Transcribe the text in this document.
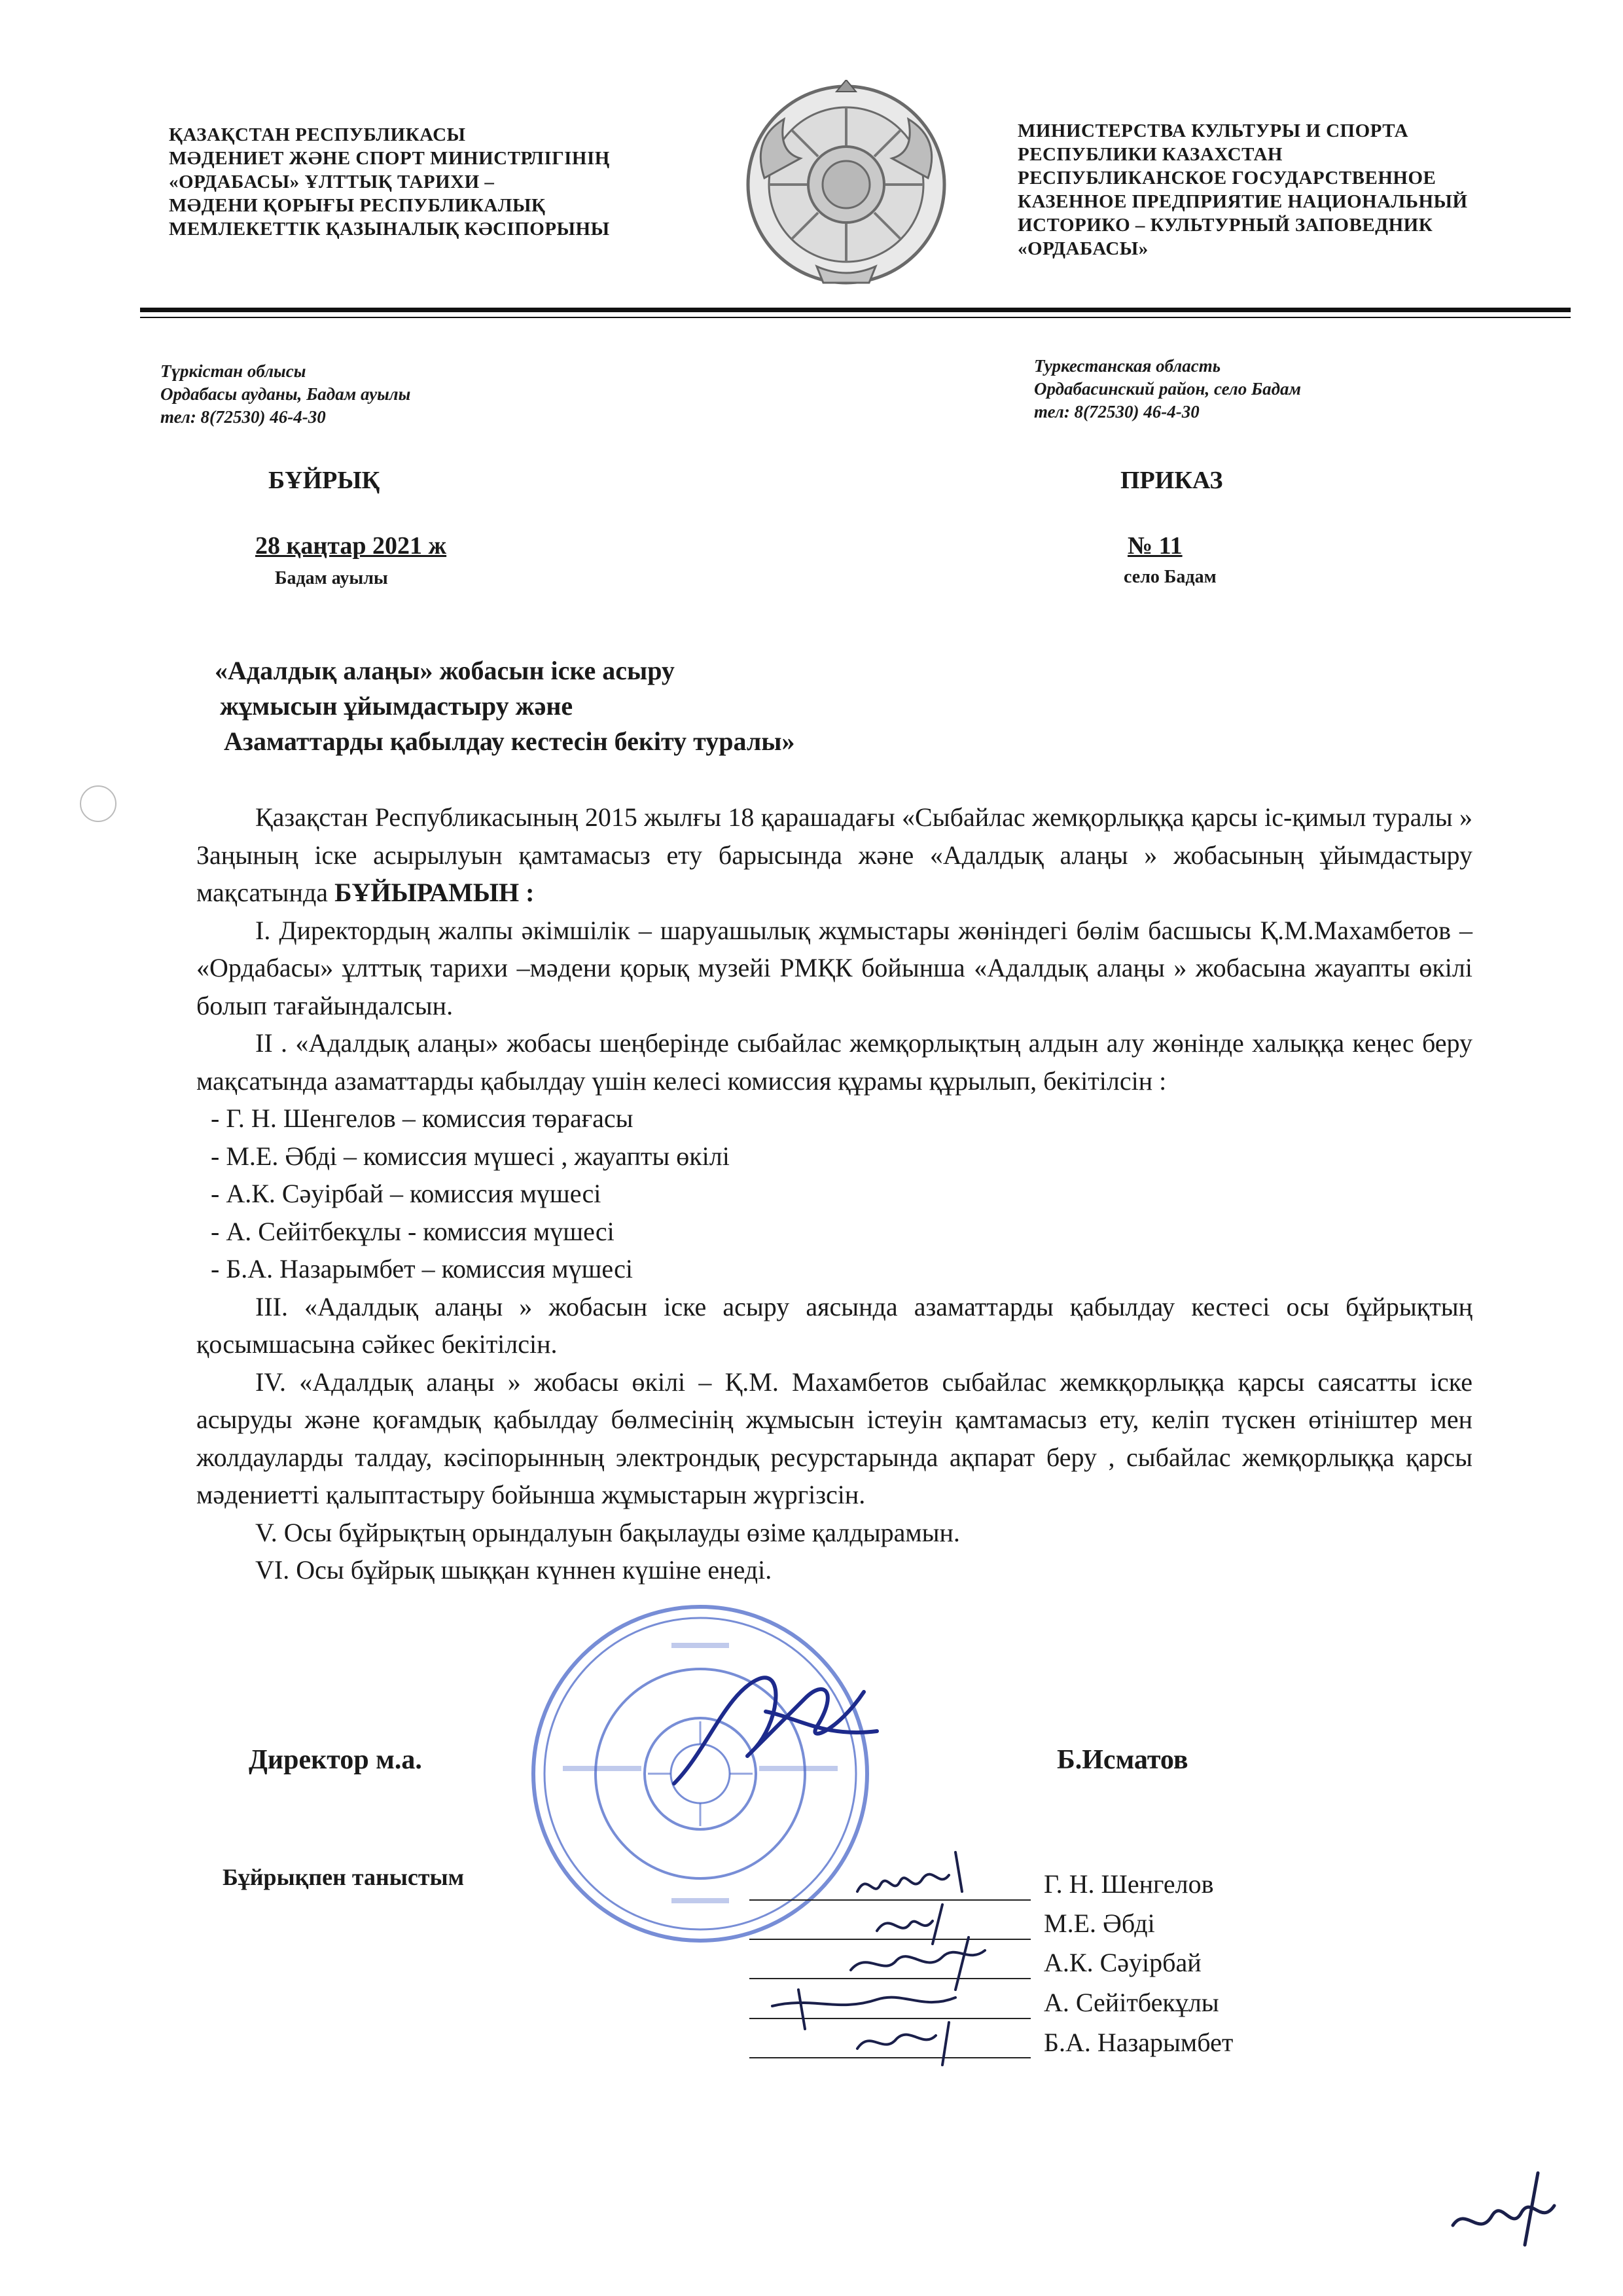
ҚАЗАҚСТАН РЕСПУБЛИКАСЫ
МӘДЕНИЕТ ЖӘНЕ СПОРТ МИНИСТРЛІГІНІҢ
«ОРДАБАСЫ» ҰЛТТЫҚ ТАРИХИ –
МӘДЕНИ ҚОРЫҒЫ РЕСПУБЛИКАЛЫҚ
МЕМЛЕКЕТТІК ҚАЗЫНАЛЫҚ КӘСІПОРЫНЫ
МИНИСТЕРСТВА КУЛЬТУРЫ И СПОРТА
РЕСПУБЛИКИ КАЗАХСТАН
РЕСПУБЛИКАНСКОЕ ГОСУДАРСТВЕННОЕ
КАЗЕННОЕ ПРЕДПРИЯТИЕ НАЦИОНАЛЬНЫЙ
ИСТОРИКО – КУЛЬТУРНЫЙ ЗАПОВЕДНИК
«ОРДАБАСЫ»
Түркістан облысы
Ордабасы ауданы, Бадам ауылы
тел: 8(72530) 46-4-30
Туркестанская область
Ордабасинский район, село Бадам
тел: 8(72530) 46-4-30
БҰЙРЫҚ	ПРИКАЗ
28 қаңтар 2021 ж	№ 11
Бадам ауылы	село Бадам
«Адалдық алаңы» жобасын іске асыру
жұмысын ұйымдастыру және
Азаматтарды қабылдау кестесін бекіту туралы»

Қазақстан Республикасының 2015 жылғы 18 қарашадағы «Сыбайлас жемқорлыққа қарсы іс-қимыл туралы » Заңының іске асырылуын қамтамасыз ету барысында және «Адалдық алаңы » жобасының ұйымдастыру мақсатында БҰЙЫРАМЫН :

I. Директордың жалпы әкімшілік – шаруашылық жұмыстары жөніндегі бөлім басшысы Қ.М.Махамбетов – «Ордабасы» ұлттық тарихи –мәдени қорық музейі РМҚК бойынша «Адалдық алаңы » жобасына жауапты өкілі болып тағайындалсын.

II . «Адалдық алаңы» жобасы шеңберінде сыбайлас жемқорлықтың алдын алу жөнінде халыққа кеңес беру мақсатында азаматтарды қабылдау үшін келесі комиссия құрамы құрылып, бекітілсін :

- Г. Н. Шенгелов – комиссия төрағасы

- М.Е. Әбді – комиссия мүшесі , жауапты өкілі

- А.К. Сәуірбай – комиссия мүшесі

- А. Сейітбекұлы - комиссия мүшесі

- Б.А. Назарымбет – комиссия мүшесі

III. «Адалдық алаңы » жобасын іске асыру аясында азаматтарды қабылдау кестесі осы бұйрықтың қосымшасына сәйкес бекітілсін.

IV. «Адалдық алаңы » жобасы өкілі – Қ.М. Махамбетов сыбайлас жемкқорлыққа қарсы саясатты іске асыруды және қоғамдық қабылдау бөлмесінің жұмысын істеуін қамтамасыз ету, келіп түскен өтініштер мен жолдауларды талдау, кәсіпорынның электрондық ресурстарында ақпарат беру , сыбайлас жемқорлыққа қарсы мәдениетті қалыптастыру бойынша жұмыстарын жүргізсін.

V. Осы бұйрықтың орындалуын бақылауды өзіме қалдырамын.

VI. Осы бұйрық шыққан күннен күшіне енеді.

Директор м.а.	Б.Исматов
Бұйрықпен таныстым	Г. Н. Шенгелов
М.Е. Әбді
А.К. Сәуірбай
А. Сейітбекұлы
Б.А. Назарымбет
